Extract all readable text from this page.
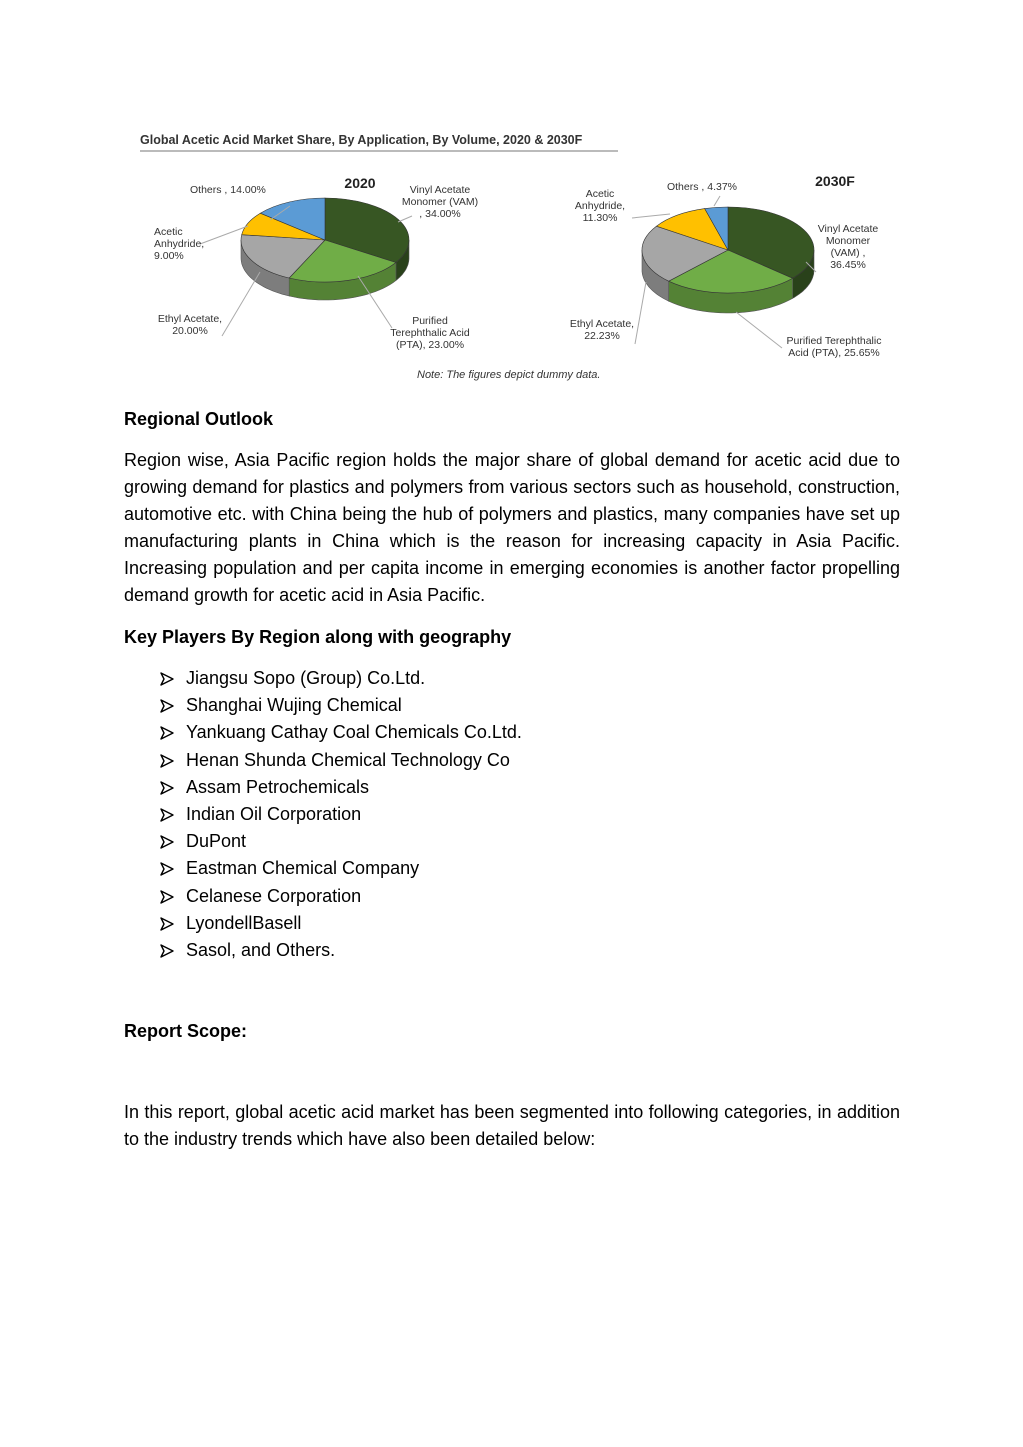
Global Acetic Acid Market Share, By Application, By Volume, 2020 & 2030F
2020	Vinyl Acetate Monomer (VAM) , 34.00%
Purified Terephthalic Acid (PTA), 23.00%
Ethyl Acetate, 20.00%
Acetic Anhydride, 9.00%
Others , 14.00%
2030F
Vinyl Acetate Monomer (VAM) , 36.45%
Purified Terephthalic Acid (PTA), 25.65%
Ethyl Acetate, 22.23%
Acetic Anhydride, 11.30%
Others , 4.37%
Note: The figures depict dummy data.
Regional Outlook

Region wise, Asia Pacific region holds the major share of global demand for acetic acid due to growing demand for plastics and polymers from various sectors such as household, construction, automotive etc. with China being the hub of polymers and plastics, many companies have set up manufacturing plants in China which is the reason for increasing capacity in Asia Pacific. Increasing population and per capita income in emerging economies is another factor propelling demand growth for acetic acid in Asia Pacific.

Key Players By Region along with geography
Jiangsu Sopo (Group) Co.Ltd.
Shanghai Wujing Chemical
Yankuang Cathay Coal Chemicals Co.Ltd.
Henan Shunda Chemical Technology Co
Assam Petrochemicals
Indian Oil Corporation
DuPont
Eastman Chemical Company
Celanese Corporation
LyondellBasell
Sasol, and Others.
Report Scope:

In this report, global acetic acid market has been segmented into following categories, in addition to the industry trends which have also been detailed below:
